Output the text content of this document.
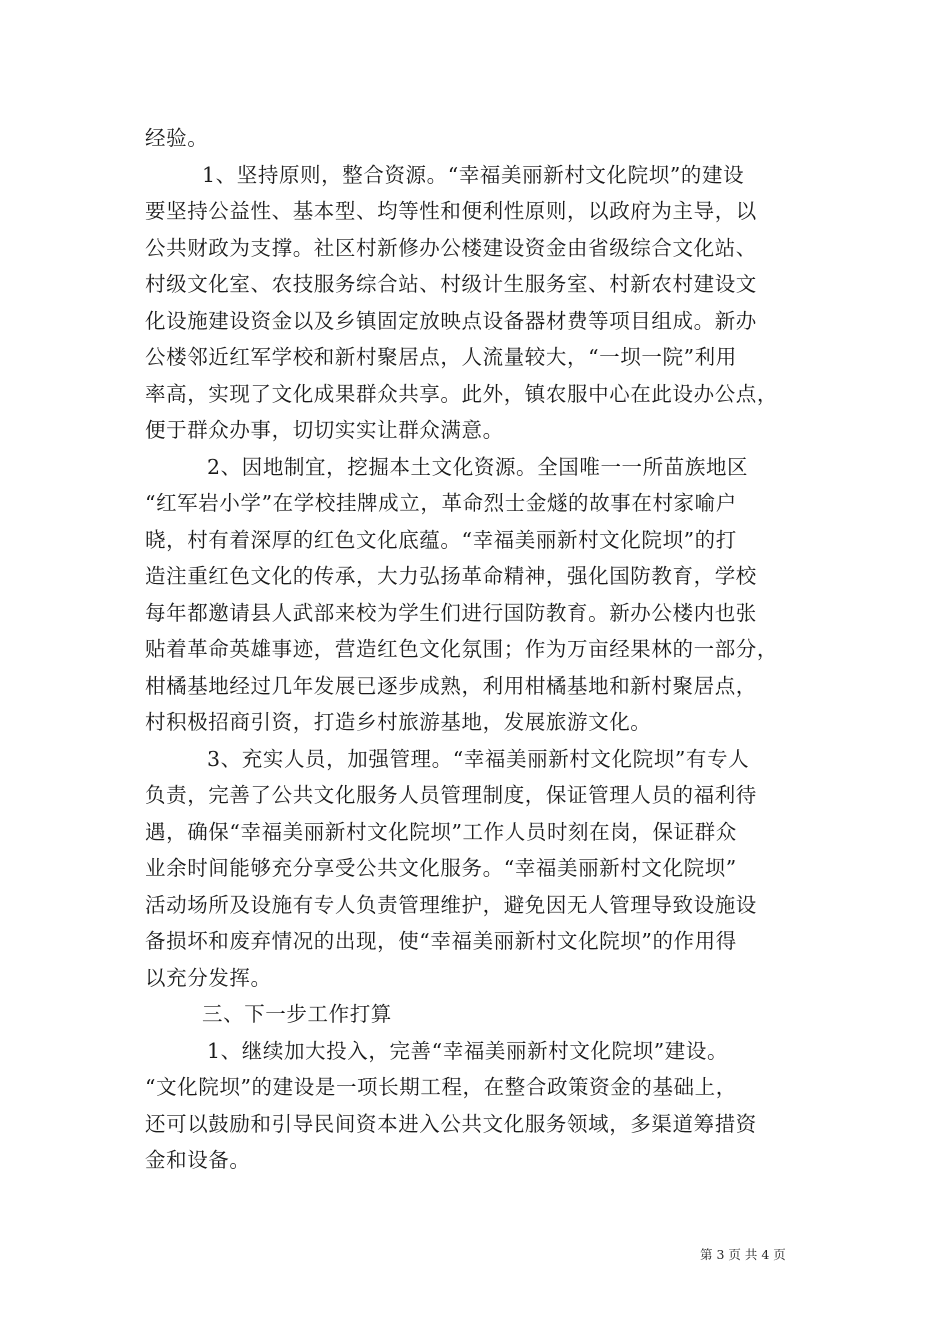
经验。
1、坚持原则，整合资源。“幸福美丽新村文化院坝”的建设
要坚持公益性、基本型、均等性和便利性原则，以政府为主导，以
公共财政为支撑。社区村新修办公楼建设资金由省级综合文化站、
村级文化室、农技服务综合站、村级计生服务室、村新农村建设文
化设施建设资金以及乡镇固定放映点设备器材费等项目组成。新办
公楼邻近红军学校和新村聚居点，人流量较大，“一坝一院”利用
率高，实现了文化成果群众共享。此外，镇农服中心在此设办公点，
便于群众办事，切切实实让群众满意。
2、因地制宜，挖掘本土文化资源。全国唯一一所苗族地区
“红军岩小学”在学校挂牌成立，革命烈士金燧的故事在村家喻户
晓，村有着深厚的红色文化底蕴。“幸福美丽新村文化院坝”的打
造注重红色文化的传承，大力弘扬革命精神，强化国防教育，学校
每年都邀请县人武部来校为学生们进行国防教育。新办公楼内也张
贴着革命英雄事迹，营造红色文化氛围；作为万亩经果林的一部分，
柑橘基地经过几年发展已逐步成熟，利用柑橘基地和新村聚居点，
村积极招商引资，打造乡村旅游基地，发展旅游文化。
3、充实人员，加强管理。“幸福美丽新村文化院坝”有专人
负责，完善了公共文化服务人员管理制度，保证管理人员的福利待
遇，确保“幸福美丽新村文化院坝”工作人员时刻在岗，保证群众
业余时间能够充分享受公共文化服务。“幸福美丽新村文化院坝”
活动场所及设施有专人负责管理维护，避免因无人管理导致设施设
备损坏和废弃情况的出现，使“幸福美丽新村文化院坝”的作用得
以充分发挥。
三、下一步工作打算
1、继续加大投入，完善“幸福美丽新村文化院坝”建设。
“文化院坝”的建设是一项长期工程，在整合政策资金的基础上，
还可以鼓励和引导民间资本进入公共文化服务领域，多渠道筹措资
金和设备。
第 3 页 共 4 页
